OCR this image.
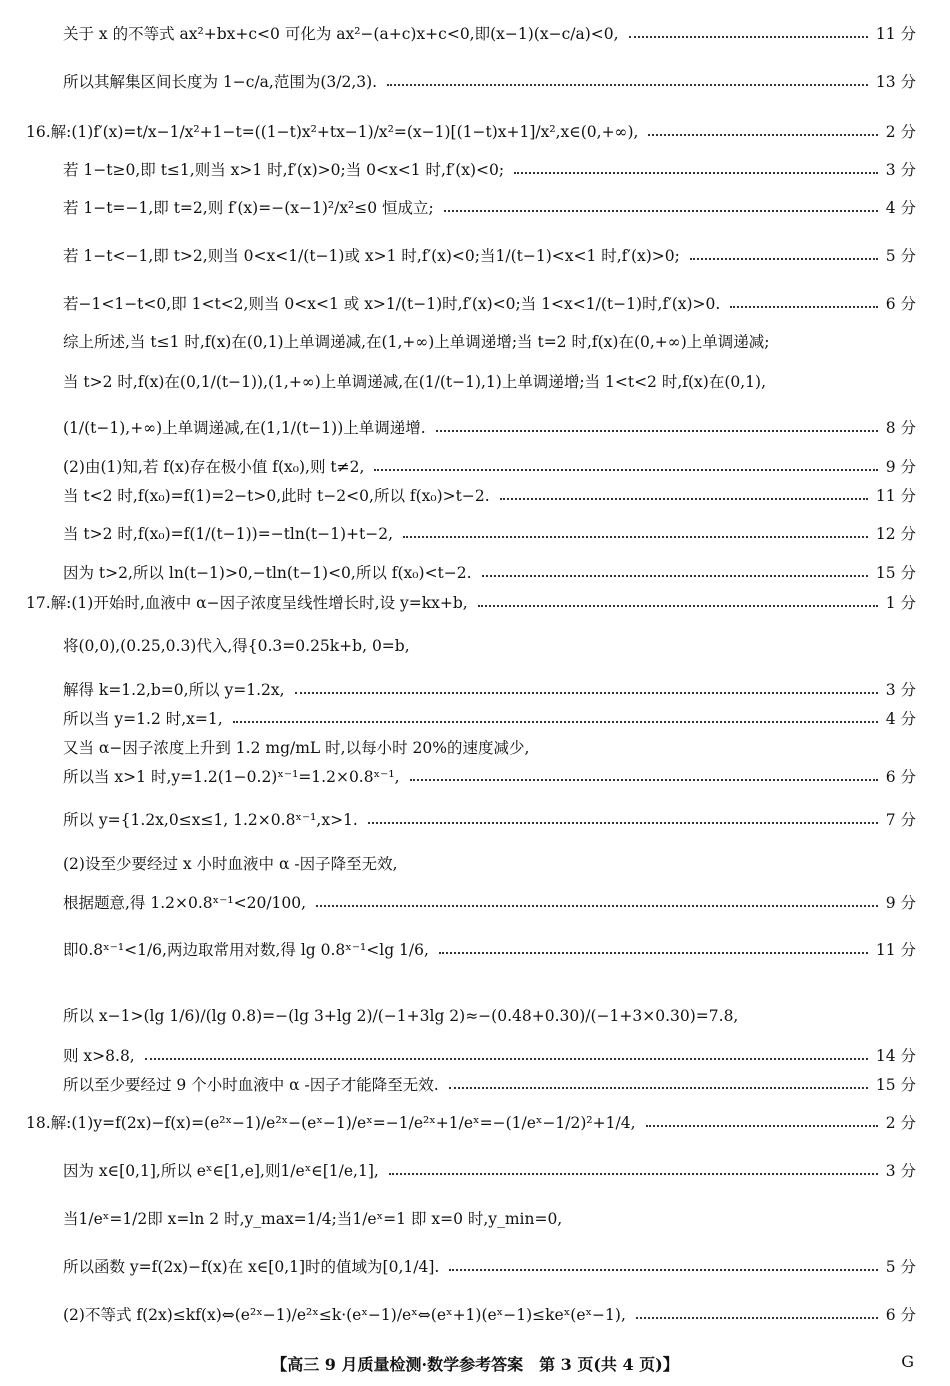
关于 x 的不等式 ax²+bx+c<0 可化为 ax²−(a+c)x+c<0,即(x−1)(x−c/a)<0,	11 分
所以其解集区间长度为 1−c/a,范围为(3/2,3).	13 分
16.解:(1)f′(x)=t/x−1/x²+1−t=((1−t)x²+tx−1)/x²=(x−1)[(1−t)x+1]/x²,x∈(0,+∞),	2 分
若 1−t≥0,即 t≤1,则当 x>1 时,f′(x)>0;当 0<x<1 时,f′(x)<0;	3 分
若 1−t=−1,即 t=2,则 f′(x)=−(x−1)²/x²≤0 恒成立;	4 分
若 1−t<−1,即 t>2,则当 0<x<1/(t−1)或 x>1 时,f′(x)<0;当1/(t−1)<x<1 时,f′(x)>0;	5 分
若−1<1−t<0,即 1<t<2,则当 0<x<1 或 x>1/(t−1)时,f′(x)<0;当 1<x<1/(t−1)时,f′(x)>0.	6 分
综上所述,当 t≤1 时,f(x)在(0,1)上单调递减,在(1,+∞)上单调递增;当 t=2 时,f(x)在(0,+∞)上单调递减;
当 t>2 时,f(x)在(0,1/(t−1)),(1,+∞)上单调递减,在(1/(t−1),1)上单调递增;当 1<t<2 时,f(x)在(0,1),
(1/(t−1),+∞)上单调递减,在(1,1/(t−1))上单调递增.	8 分
(2)由(1)知,若 f(x)存在极小值 f(x₀),则 t≠2,	9 分
当 t<2 时,f(x₀)=f(1)=2−t>0,此时 t−2<0,所以 f(x₀)>t−2.	11 分
当 t>2 时,f(x₀)=f(1/(t−1))=−tln(t−1)+t−2,	12 分
因为 t>2,所以 ln(t−1)>0,−tln(t−1)<0,所以 f(x₀)<t−2.	15 分
17.解:(1)开始时,血液中 α−因子浓度呈线性增长时,设 y=kx+b,	1 分
将(0,0),(0.25,0.3)代入,得{0.3=0.25k+b, 0=b,
解得 k=1.2,b=0,所以 y=1.2x,	3 分
所以当 y=1.2 时,x=1,	4 分
又当 α−因子浓度上升到 1.2 mg/mL 时,以每小时 20%的速度减少,
所以当 x>1 时,y=1.2(1−0.2)ˣ⁻¹=1.2×0.8ˣ⁻¹,	6 分
所以 y={1.2x,0≤x≤1, 1.2×0.8ˣ⁻¹,x>1.	7 分
(2)设至少要经过 x 小时血液中 α -因子降至无效,
根据题意,得 1.2×0.8ˣ⁻¹<20/100,	9 分
即0.8ˣ⁻¹<1/6,两边取常用对数,得 lg 0.8ˣ⁻¹<lg 1/6,	11 分
所以 x−1>(lg 1/6)/(lg 0.8)=−(lg 3+lg 2)/(−1+3lg 2)≈−(0.48+0.30)/(−1+3×0.30)=7.8,
则 x>8.8,	14 分
所以至少要经过 9 个小时血液中 α -因子才能降至无效.	15 分
18.解:(1)y=f(2x)−f(x)=(e²ˣ−1)/e²ˣ−(eˣ−1)/eˣ=−1/e²ˣ+1/eˣ=−(1/eˣ−1/2)²+1/4,	2 分
因为 x∈[0,1],所以 eˣ∈[1,e],则1/eˣ∈[1/e,1],	3 分
当1/eˣ=1/2即 x=ln 2 时,y_max=1/4;当1/eˣ=1 即 x=0 时,y_min=0,
所以函数 y=f(2x)−f(x)在 x∈[0,1]时的值域为[0,1/4].	5 分
(2)不等式 f(2x)≤kf(x)⇔(e²ˣ−1)/e²ˣ≤k·(eˣ−1)/eˣ⇔(eˣ+1)(eˣ−1)≤keˣ(eˣ−1),	6 分
【高三 9 月质量检测·数学参考答案　第 3 页(共 4 页)】	G
